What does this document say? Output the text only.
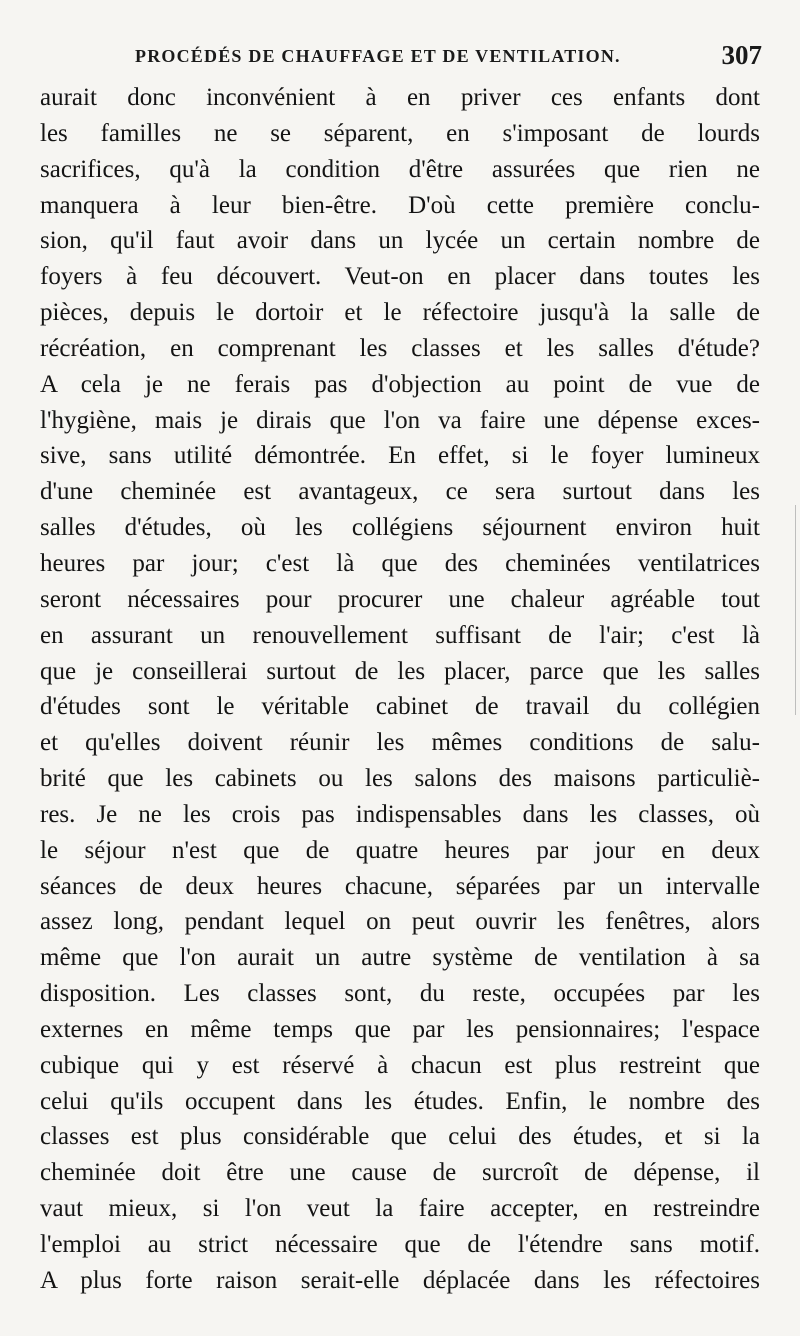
PROCÉDÉS DE CHAUFFAGE ET DE VENTILATION.	307
aurait donc inconvénient à en priver ces enfants dont
les familles ne se séparent, en s'imposant de lourds
sacrifices, qu'à la condition d'être assurées que rien ne
manquera à leur bien-être. D'où cette première conclu-
sion, qu'il faut avoir dans un lycée un certain nombre de
foyers à feu découvert. Veut-on en placer dans toutes les
pièces, depuis le dortoir et le réfectoire jusqu'à la salle de
récréation, en comprenant les classes et les salles d'étude?
A cela je ne ferais pas d'objection au point de vue de
l'hygiène, mais je dirais que l'on va faire une dépense exces-
sive, sans utilité démontrée. En effet, si le foyer lumineux
d'une cheminée est avantageux, ce sera surtout dans les
salles d'études, où les collégiens séjournent environ huit
heures par jour; c'est là que des cheminées ventilatrices
seront nécessaires pour procurer une chaleur agréable tout
en assurant un renouvellement suffisant de l'air; c'est là
que je conseillerai surtout de les placer, parce que les salles
d'études sont le véritable cabinet de travail du collégien
et qu'elles doivent réunir les mêmes conditions de salu-
brité que les cabinets ou les salons des maisons particuliè-
res. Je ne les crois pas indispensables dans les classes, où
le séjour n'est que de quatre heures par jour en deux
séances de deux heures chacune, séparées par un intervalle
assez long, pendant lequel on peut ouvrir les fenêtres, alors
même que l'on aurait un autre système de ventilation à sa
disposition. Les classes sont, du reste, occupées par les
externes en même temps que par les pensionnaires; l'espace
cubique qui y est réservé à chacun est plus restreint que
celui qu'ils occupent dans les études. Enfin, le nombre des
classes est plus considérable que celui des études, et si la
cheminée doit être une cause de surcroît de dépense, il
vaut mieux, si l'on veut la faire accepter, en restreindre
l'emploi au strict nécessaire que de l'étendre sans motif.
A plus forte raison serait-elle déplacée dans les réfectoires
